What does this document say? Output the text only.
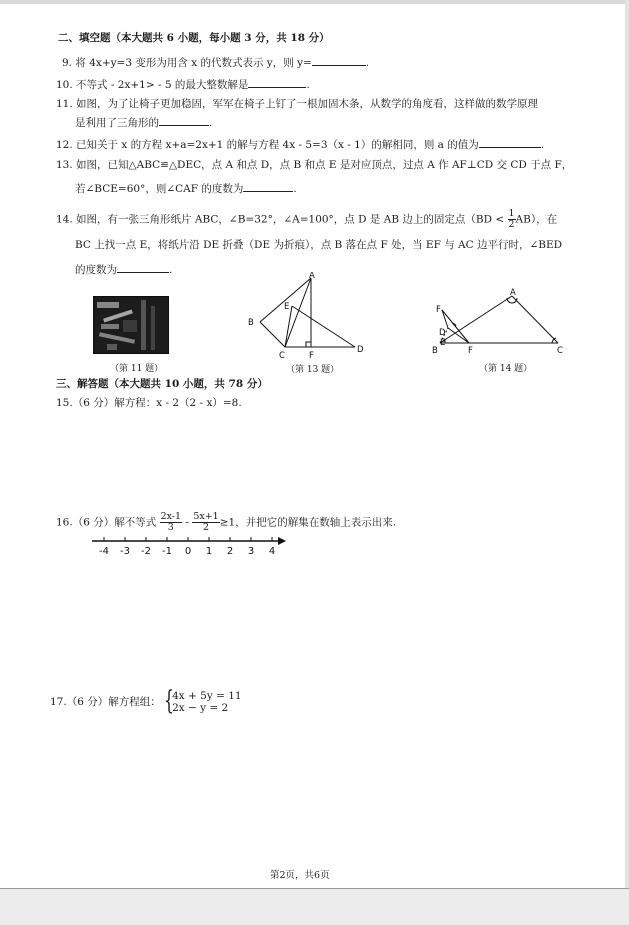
二、填空题（本大题共 6 小题，每小题 3 分，共 18 分）
9. 将 4x+y=3 变形为用含 x 的代数式表示 y，则 y=	.
10. 不等式 - 2x+1> - 5 的最大整数解是	.
11. 如图，为了让椅子更加稳固，军军在椅子上钉了一根加固木条，从数学的角度看，这样做的数学原理
是利用了三角形的	.
12. 已知关于 x 的方程 x+a=2x+1 的解与方程 4x - 5=3（x - 1）的解相同，则 a 的值为	.
13. 如图，已知△ABC≌△DEC，点 A 和点 D，点 B 和点 E 是对应顶点，过点 A 作 AF⊥CD 交 CD 于点 F，
若∠BCE=60°，则∠CAF 的度数为	.
14. 如图，有一张三角形纸片 ABC，∠B=32°，∠A=100°，点 D 是 AB 边上的固定点$(BD < \frac{1}{2} AB)$，在
BC 上找一点 E，将纸片沿 DE 折叠（DE 为折痕），点 B 落在点 F 处，当 EF 与 AC 边平行时，∠BED
的度数为	.
（第 11 题）
A
B
C
D
E
F
（第 13 题）
A
B	C
D
E
F
F
（第 14 题）
三、解答题（本大题共 10 小题，共 78 分）
15.（6 分）解方程：x - 2（2 - x）=8.
16.（6 分）解不等式 $\frac{2x-1}{3} - \frac{5x+1}{2} \ge 1$，并把它的解集在数轴上表示出来.
-4 -3 -2 -1 0 1 2 3 4
17.（6 分）解方程组： {
4x + 5y = 11
2x − y = 2
第2页，共6页
